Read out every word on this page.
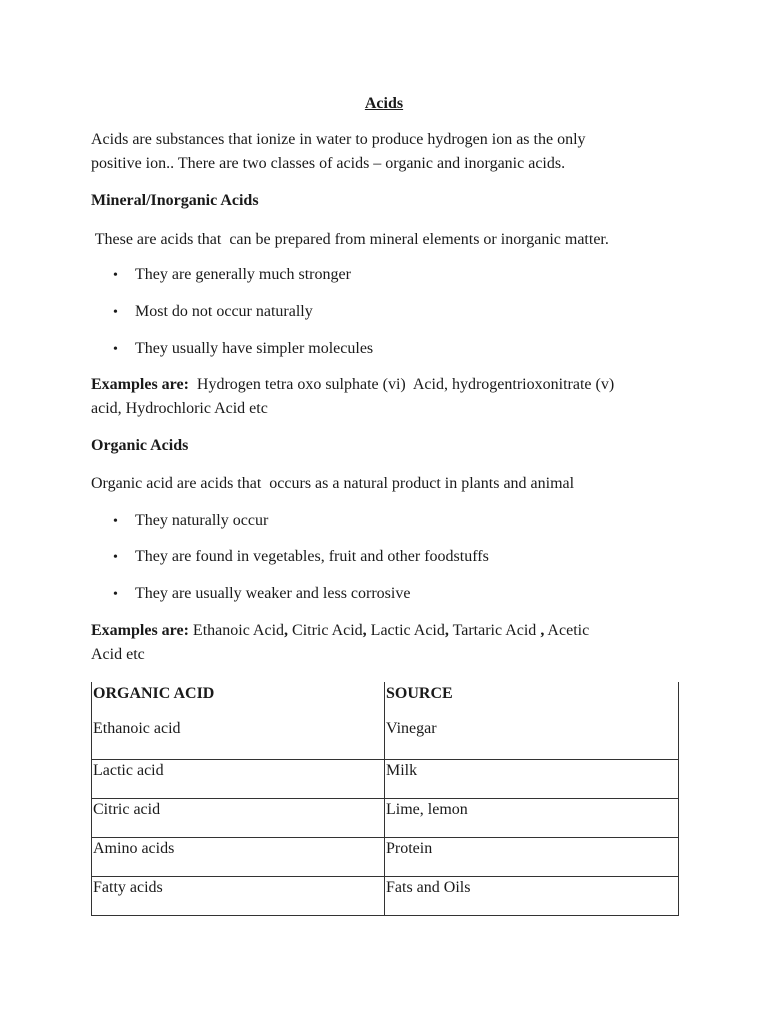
Acids

Acids are substances that ionize in water to produce hydrogen ion as the only
positive ion.. There are two classes of acids – organic and inorganic acids.

Mineral/Inorganic Acids

These are acids that  can be prepared from mineral elements or inorganic matter.

• They are generally much stronger

• Most do not occur naturally

• They usually have simpler molecules

Examples are:  Hydrogen tetra oxo sulphate (vi)  Acid, hydrogentrioxonitrate (v)
acid, Hydrochloric Acid etc

Organic Acids

Organic acid are acids that  occurs as a natural product in plants and animal

• They naturally occur

• They are found in vegetables, fruit and other foodstuffs

• They are usually weaker and less corrosive

Examples are: Ethanoic Acid, Citric Acid, Lactic Acid, Tartaric Acid , Acetic
Acid etc

ORGANIC ACID	SOURCE
Ethanoic acid	Vinegar
Lactic acid	Milk
Citric acid	Lime, lemon
Amino acids	Protein
Fatty acids	Fats and Oils
